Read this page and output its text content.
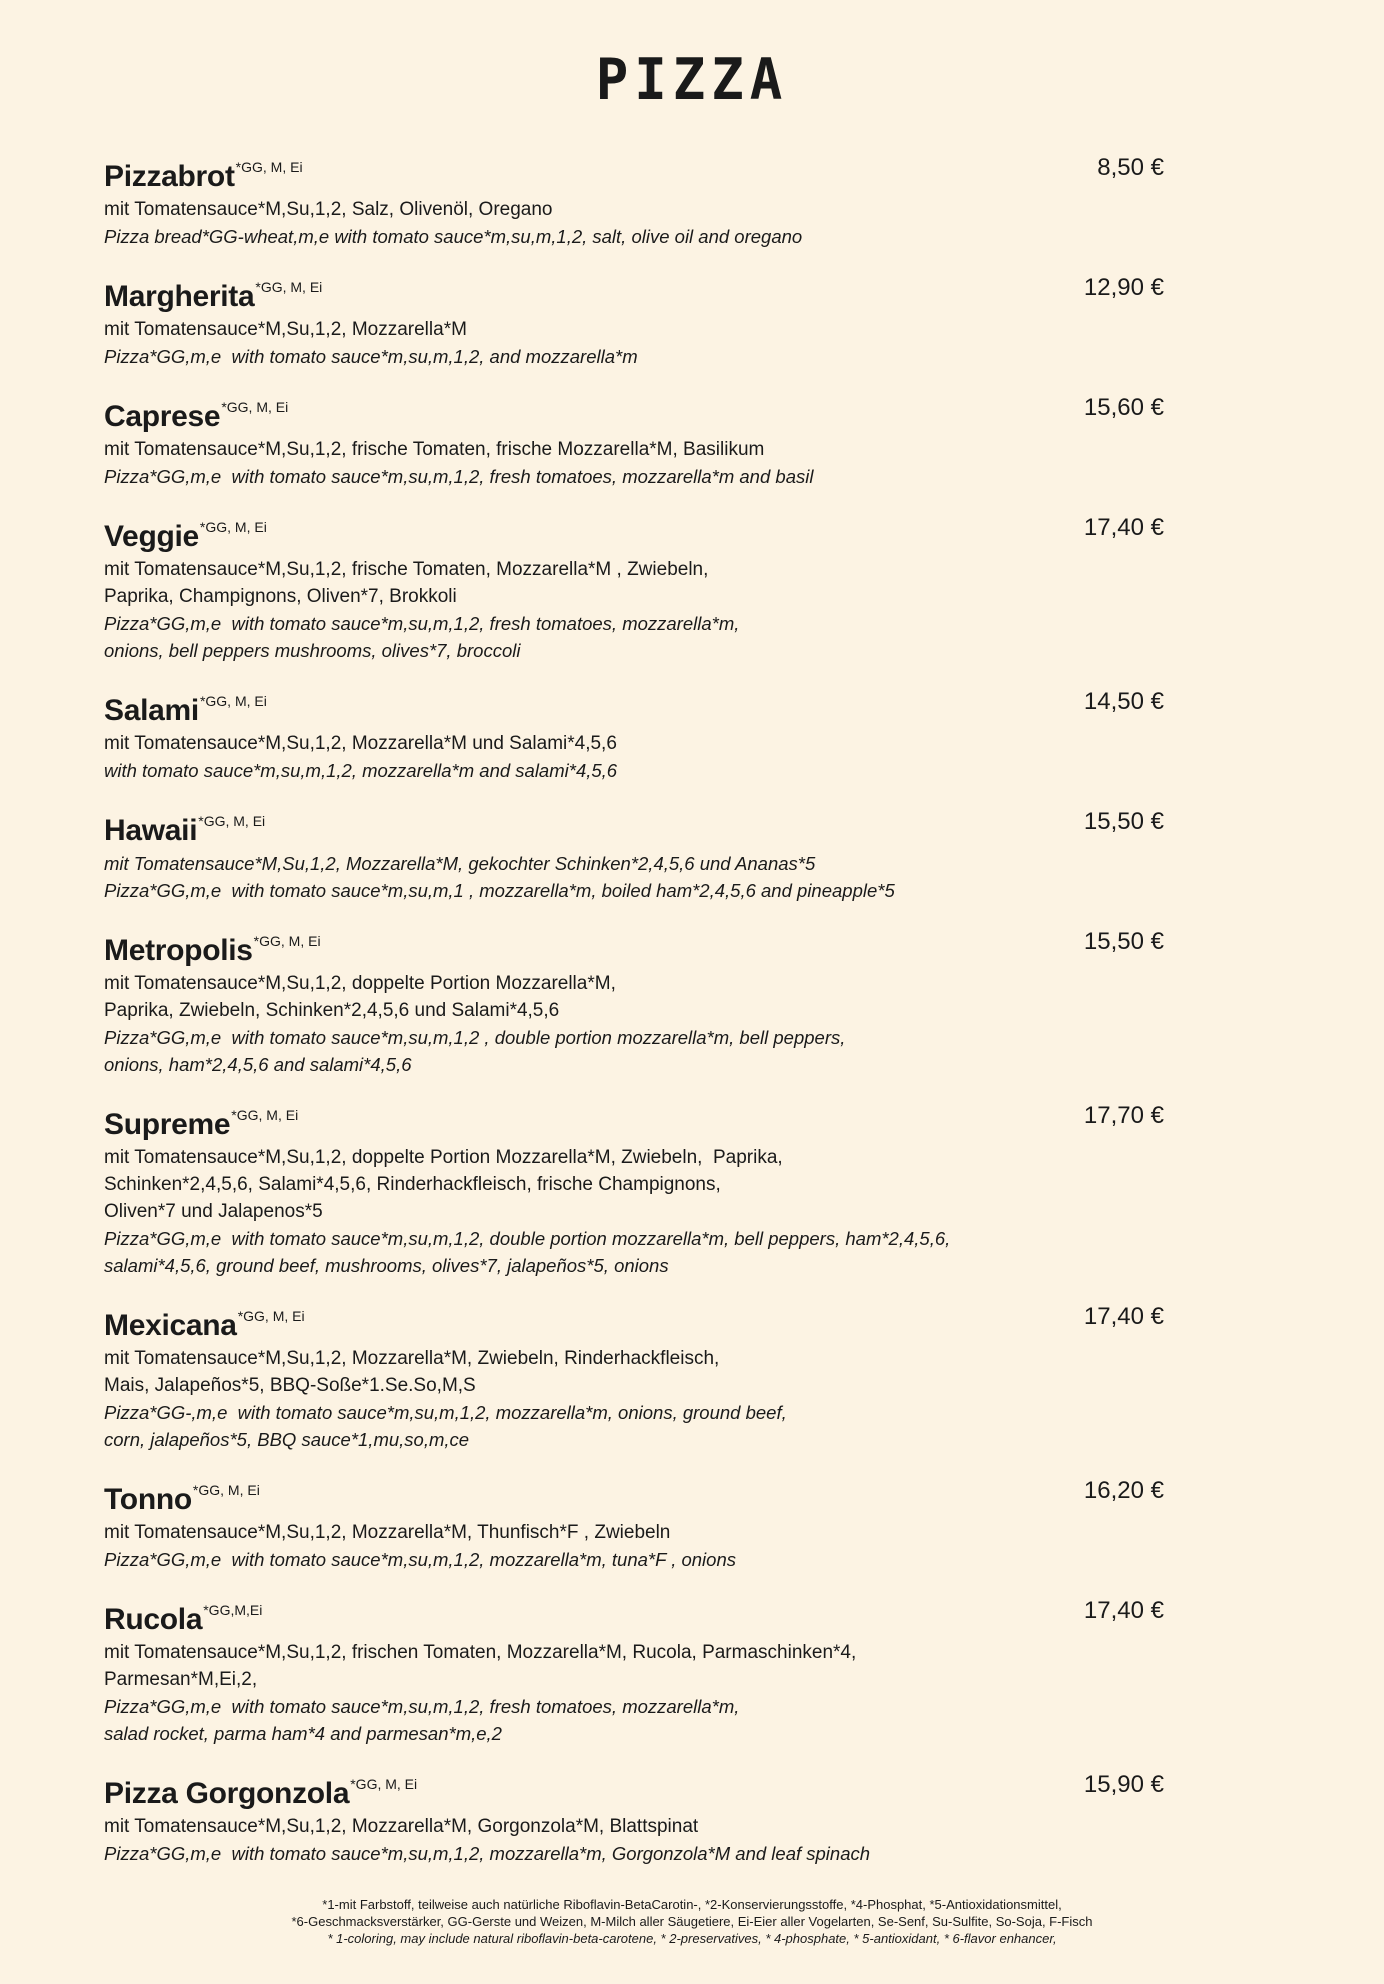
PIZZA
Pizzabrot$^{*GG, M, Ei}$	8,50 €
mit Tomatensauce*M,Su,1,2, Salz, Olivenöl, Oregano
Pizza bread*GG-wheat,m,e with tomato sauce*m,su,m,1,2, salt, olive oil and oregano
Margherita$^{*GG, M, Ei}$	12,90 €
mit Tomatensauce*M,Su,1,2, Mozzarella*M
Pizza*GG,m,e  with tomato sauce*m,su,m,1,2, and mozzarella*m
Caprese$^{*GG, M, Ei}$	15,60 €
mit Tomatensauce*M,Su,1,2, frische Tomaten, frische Mozzarella*M, Basilikum
Pizza*GG,m,e  with tomato sauce*m,su,m,1,2, fresh tomatoes, mozzarella*m and basil
Veggie$^{*GG, M, Ei}$	17,40 €
mit Tomatensauce*M,Su,1,2, frische Tomaten, Mozzarella*M , Zwiebeln,
Paprika, Champignons, Oliven*7, Brokkoli
Pizza*GG,m,e  with tomato sauce*m,su,m,1,2, fresh tomatoes, mozzarella*m,
onions, bell peppers mushrooms, olives*7, broccoli
Salami$^{*GG, M, Ei}$	14,50 €
mit Tomatensauce*M,Su,1,2, Mozzarella*M und Salami*4,5,6
with tomato sauce*m,su,m,1,2, mozzarella*m and salami*4,5,6
Hawaii$^{*GG, M, Ei}$	15,50 €
mit Tomatensauce*M,Su,1,2, Mozzarella*M, gekochter Schinken*2,4,5,6 und Ananas*5
Pizza*GG,m,e  with tomato sauce*m,su,m,1 , mozzarella*m, boiled ham*2,4,5,6 and pineapple*5
Metropolis$^{*GG, M, Ei}$	15,50 €
mit Tomatensauce*M,Su,1,2, doppelte Portion Mozzarella*M,
Paprika, Zwiebeln, Schinken*2,4,5,6 und Salami*4,5,6
Pizza*GG,m,e  with tomato sauce*m,su,m,1,2 , double portion mozzarella*m, bell peppers,
onions, ham*2,4,5,6 and salami*4,5,6
Supreme$^{*GG, M, Ei}$	17,70 €
mit Tomatensauce*M,Su,1,2, doppelte Portion Mozzarella*M, Zwiebeln,  Paprika,
Schinken*2,4,5,6, Salami*4,5,6, Rinderhackfleisch, frische Champignons,
Oliven*7 und Jalapenos*5
Pizza*GG,m,e  with tomato sauce*m,su,m,1,2, double portion mozzarella*m, bell peppers, ham*2,4,5,6,
salami*4,5,6, ground beef, mushrooms, olives*7, jalapeños*5, onions
Mexicana$^{*GG, M, Ei}$	17,40 €
mit Tomatensauce*M,Su,1,2, Mozzarella*M, Zwiebeln, Rinderhackfleisch,
Mais, Jalapeños*5, BBQ-Soße*1.Se.So,M,S
Pizza*GG-,m,e  with tomato sauce*m,su,m,1,2, mozzarella*m, onions, ground beef,
corn, jalapeños*5, BBQ sauce*1,mu,so,m,ce
Tonno$^{*GG, M, Ei}$	16,20 €
mit Tomatensauce*M,Su,1,2, Mozzarella*M, Thunfisch*F , Zwiebeln
Pizza*GG,m,e  with tomato sauce*m,su,m,1,2, mozzarella*m, tuna*F , onions
Rucola$^{*GG,M,Ei}$	17,40 €
mit Tomatensauce*M,Su,1,2, frischen Tomaten, Mozzarella*M, Rucola, Parmaschinken*4,
Parmesan*M,Ei,2,
Pizza*GG,m,e  with tomato sauce*m,su,m,1,2, fresh tomatoes, mozzarella*m,
salad rocket, parma ham*4 and parmesan*m,e,2
Pizza Gorgonzola$^{*GG, M, Ei}$	15,90 €
mit Tomatensauce*M,Su,1,2, Mozzarella*M, Gorgonzola*M, Blattspinat
Pizza*GG,m,e  with tomato sauce*m,su,m,1,2, mozzarella*m, Gorgonzola*M and leaf spinach
*1-mit Farbstoff, teilweise auch natürliche Riboflavin-BetaCarotin-, *2-Konservierungsstoffe, *4-Phosphat, *5-Antioxidationsmittel,
*6-Geschmacksverstärker, GG-Gerste und Weizen, M-Milch aller Säugetiere, Ei-Eier aller Vogelarten, Se-Senf, Su-Sulfite, So-Soja, F-Fisch
* 1-coloring, may include natural riboflavin-beta-carotene, * 2-preservatives, * 4-phosphate, * 5-antioxidant, * 6-flavor enhancer,
